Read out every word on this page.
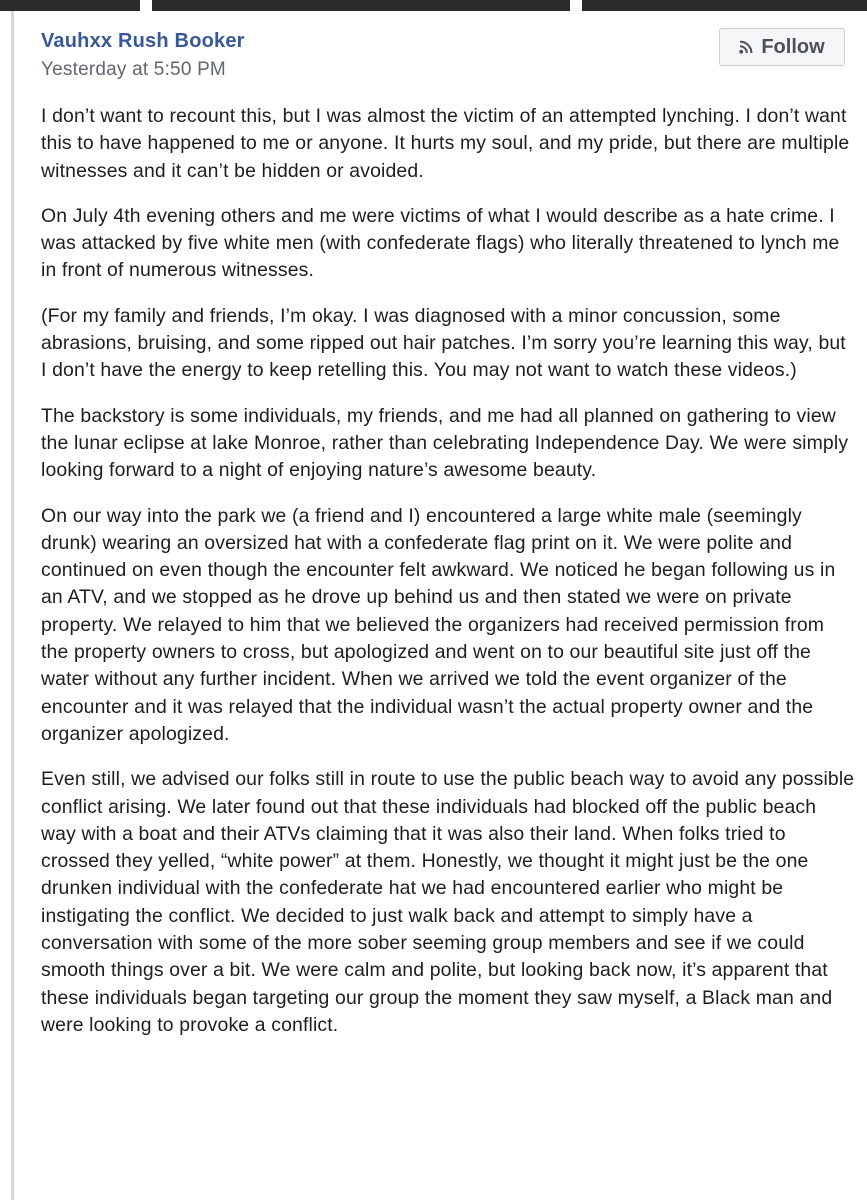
Vauhxx Rush Booker
Yesterday at 5:50 PM
Follow

I don’t want to recount this, but I was almost the victim of an attempted lynching. I don’t want this to have happened to me or anyone. It hurts my soul, and my pride, but there are multiple witnesses and it can’t be hidden or avoided.

On July 4th evening others and me were victims of what I would describe as a hate crime. I was attacked by five white men (with confederate flags) who literally threatened to lynch me in front of numerous witnesses.

(For my family and friends, I’m okay. I was diagnosed with a minor concussion, some abrasions, bruising, and some ripped out hair patches. I’m sorry you’re learning this way, but I don’t have the energy to keep retelling this. You may not want to watch these videos.)

The backstory is some individuals, my friends, and me had all planned on gathering to view the lunar eclipse at lake Monroe, rather than celebrating Independence Day. We were simply looking forward to a night of enjoying nature’s awesome beauty.

On our way into the park we (a friend and I) encountered a large white male (seemingly drunk) wearing an oversized hat with a confederate flag print on it. We were polite and continued on even though the encounter felt awkward. We noticed he began following us in an ATV, and we stopped as he drove up behind us and then stated we were on private property. We relayed to him that we believed the organizers had received permission from the property owners to cross, but apologized and went on to our beautiful site just off the water without any further incident. When we arrived we told the event organizer of the encounter and it was relayed that the individual wasn’t the actual property owner and the organizer apologized.

Even still, we advised our folks still in route to use the public beach way to avoid any possible conflict arising. We later found out that these individuals had blocked off the public beach way with a boat and their ATVs claiming that it was also their land. When folks tried to crossed they yelled, “white power” at them. Honestly, we thought it might just be the one drunken individual with the confederate hat we had encountered earlier who might be instigating the conflict. We decided to just walk back and attempt to simply have a conversation with some of the more sober seeming group members and see if we could smooth things over a bit. We were calm and polite, but looking back now, it’s apparent that these individuals began targeting our group the moment they saw myself, a Black man and were looking to provoke a conflict.
